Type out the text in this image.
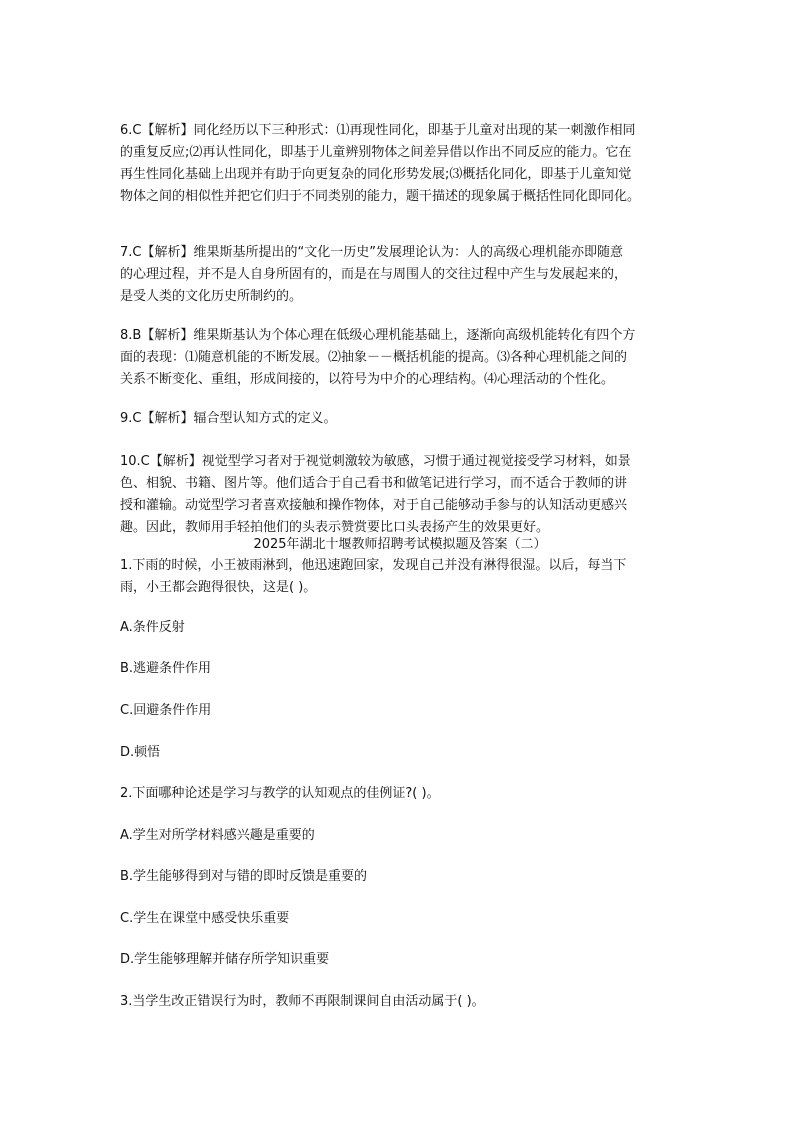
6.C【解析】同化经历以下三种形式：⑴再现性同化，即基于儿童对出现的某一刺激作相同
的重复反应;⑵再认性同化，即基于儿童辨别物体之间差异借以作出不同反应的能力。它在
再生性同化基础上出现并有助于向更复杂的同化形势发展;⑶概括化同化，即基于儿童知觉
物体之间的相似性并把它们归于不同类别的能力，题干描述的现象属于概括性同化即同化。

7.C【解析】维果斯基所提出的“文化一历史”发展理论认为：人的高级心理机能亦即随意
的心理过程，并不是人自身所固有的，而是在与周围人的交往过程中产生与发展起来的，
是受人类的文化历史所制约的。

8.B【解析】维果斯基认为个体心理在低级心理机能基础上，逐渐向高级机能转化有四个方
面的表现：⑴随意机能的不断发展。⑵抽象－－概括机能的提高。⑶各种心理机能之间的
关系不断变化、重组，形成间接的，以符号为中介的心理结构。⑷心理活动的个性化。

9.C【解析】辐合型认知方式的定义。

10.C【解析】视觉型学习者对于视觉刺激较为敏感，习惯于通过视觉接受学习材料，如景
色、相貌、书籍、图片等。他们适合于自己看书和做笔记进行学习，而不适合于教师的讲
授和灌输。动觉型学习者喜欢接触和操作物体，对于自己能够动手参与的认知活动更感兴
趣。因此，教师用手轻拍他们的头表示赞赏要比口头表扬产生的效果更好。

2025年湖北十堰教师招聘考试模拟题及答案（二）

1.下雨的时候，小王被雨淋到，他迅速跑回家，发现自己并没有淋得很湿。以后，每当下
雨，小王都会跑得很快，这是( )。

A.条件反射

B.逃避条件作用

C.回避条件作用

D.顿悟

2.下面哪种论述是学习与教学的认知观点的佳例证?( )。

A.学生对所学材料感兴趣是重要的

B.学生能够得到对与错的即时反馈是重要的

C.学生在课堂中感受快乐重要

D.学生能够理解并储存所学知识重要

3.当学生改正错误行为时，教师不再限制课间自由活动属于( )。
